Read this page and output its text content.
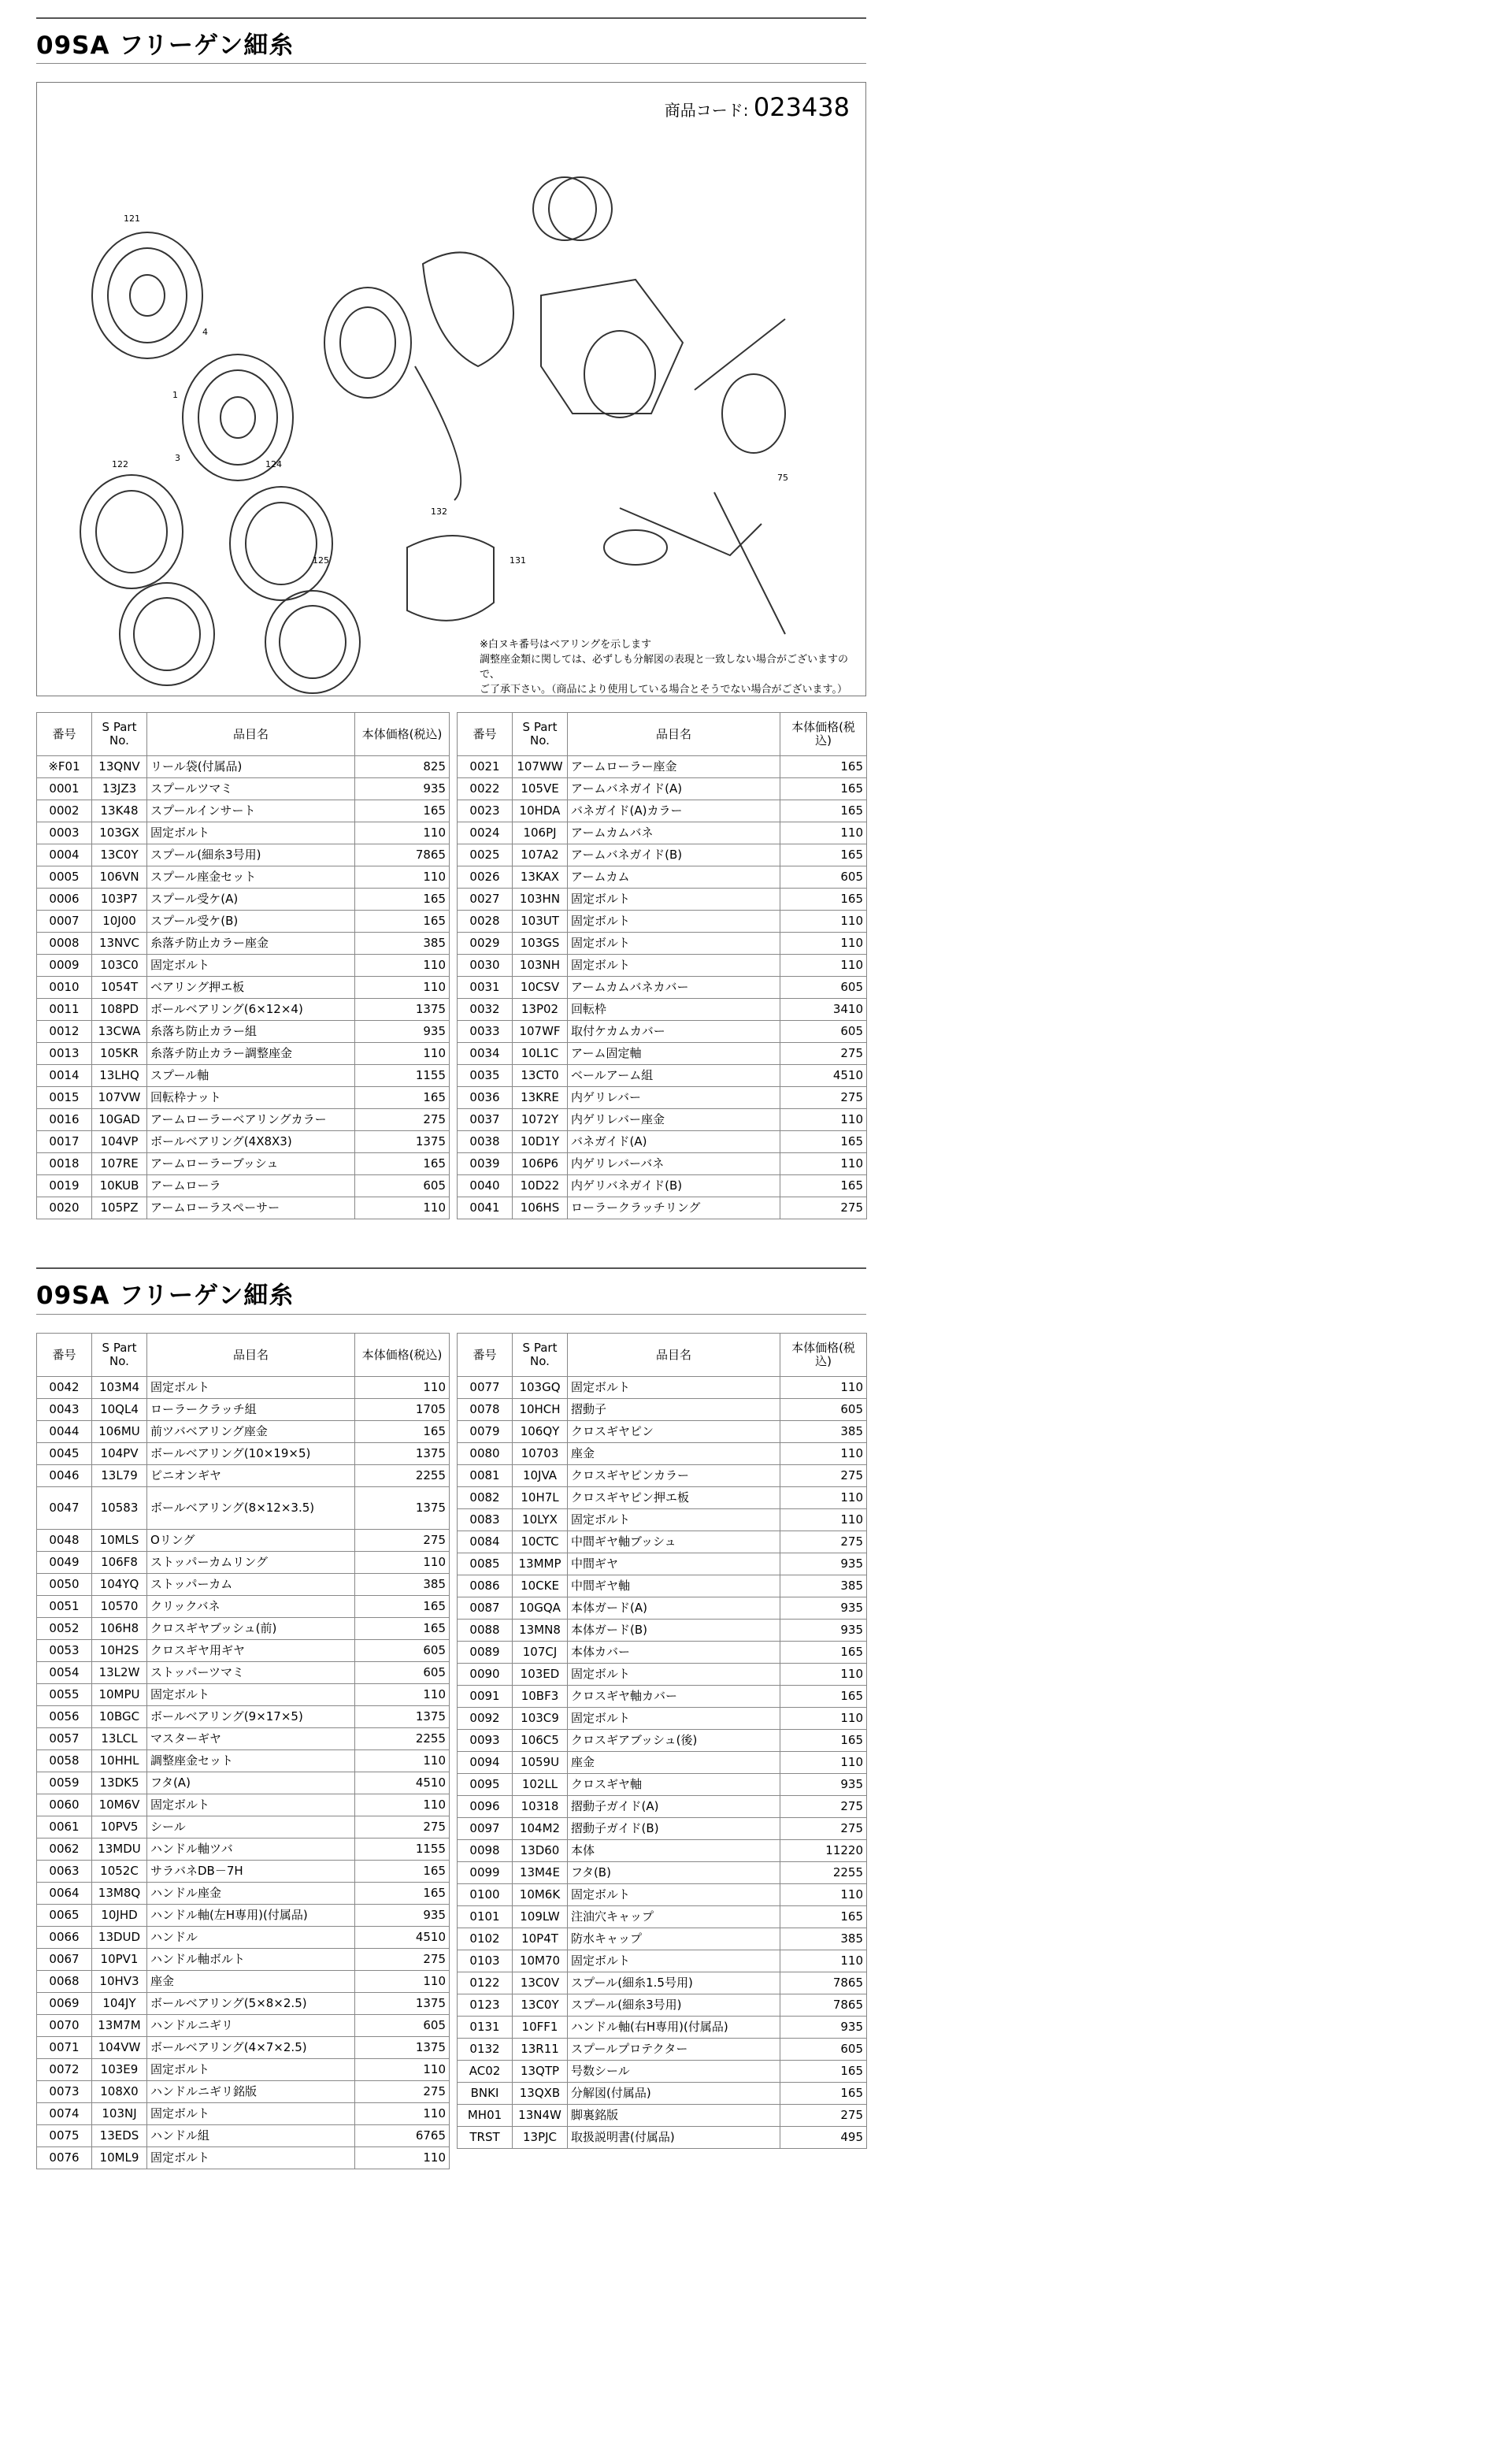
09SA フリーゲン細糸
商品コード: 023438
121
4
122	124
125
132
131
75
3
1
※白ヌキ番号はベアリングを示します
調整座金類に関しては、必ずしも分解図の表現と一致しない場合がございますので、
ご了承下さい。（商品により使用している場合とそうでない場合がございます。）
番号	S Part No.	品目名	本体価格(税込)
※F01	13QNV	リール袋(付属品)	825
0001	13JZ3	スプールツマミ	935
0002	13K48	スプールインサート	165
0003	103GX	固定ボルト	110
0004	13C0Y	スプール(細糸3号用)	7865
0005	106VN	スプール座金セット	110
0006	103P7	スプール受ケ(A)	165
0007	10J00	スプール受ケ(B)	165
0008	13NVC	糸落チ防止カラー座金	385
0009	103C0	固定ボルト	110
0010	1054T	ベアリング押エ板	110
0011	108PD	ボールベアリング(6×12×4)	1375
0012	13CWA	糸落ち防止カラー組	935
0013	105KR	糸落チ防止カラー調整座金	110
0014	13LHQ	スプール軸	1155
0015	107VW	回転枠ナット	165
0016	10GAD	アームローラーベアリングカラー	275
0017	104VP	ボールベアリング(4X8X3)	1375
0018	107RE	アームローラーブッシュ	165
0019	10KUB	アームローラ	605
0020	105PZ	アームローラスペーサー	110
番号	S Part No.	品目名	本体価格(税込)
0021	107WW	アームローラー座金	165
0022	105VE	アームバネガイド(A)	165
0023	10HDA	バネガイド(A)カラー	165
0024	106PJ	アームカムバネ	110
0025	107A2	アームバネガイド(B)	165
0026	13KAX	アームカム	605
0027	103HN	固定ボルト	165
0028	103UT	固定ボルト	110
0029	103GS	固定ボルト	110
0030	103NH	固定ボルト	110
0031	10CSV	アームカムバネカバー	605
0032	13P02	回転枠	3410
0033	107WF	取付ケカムカバー	605
0034	10L1C	アーム固定軸	275
0035	13CT0	ベールアーム組	4510
0036	13KRE	内ゲリレバー	275
0037	1072Y	内ゲリレバー座金	110
0038	10D1Y	バネガイド(A)	165
0039	106P6	内ゲリレバーバネ	110
0040	10D22	内ゲリバネガイド(B)	165
0041	106HS	ローラークラッチリング	275
09SA フリーゲン細糸
番号	S Part No.	品目名	本体価格(税込)
0042	103M4	固定ボルト	110
0043	10QL4	ローラークラッチ組	1705
0044	106MU	前ツバベアリング座金	165
0045	104PV	ボールベアリング(10×19×5)	1375
0046	13L79	ピニオンギヤ	2255
0047	10583	ボールベアリング(8×12×3.5)	1375
0048	10MLS	Oリング	275
0049	106F8	ストッパーカムリング	110
0050	104YQ	ストッパーカム	385
0051	10570	クリックバネ	165
0052	106H8	クロスギヤブッシュ(前)	165
0053	10H2S	クロスギヤ用ギヤ	605
0054	13L2W	ストッパーツマミ	605
0055	10MPU	固定ボルト	110
0056	10BGC	ボールベアリング(9×17×5)	1375
0057	13LCL	マスターギヤ	2255
0058	10HHL	調整座金セット	110
0059	13DK5	フタ(A)	4510
0060	10M6V	固定ボルト	110
0061	10PV5	シール	275
0062	13MDU	ハンドル軸ツバ	1155
0063	1052C	サラバネDB－7H	165
0064	13M8Q	ハンドル座金	165
0065	10JHD	ハンドル軸(左H専用)(付属品)	935
0066	13DUD	ハンドル	4510
0067	10PV1	ハンドル軸ボルト	275
0068	10HV3	座金	110
0069	104JY	ボールベアリング(5×8×2.5)	1375
0070	13M7M	ハンドルニギリ	605
0071	104VW	ボールベアリング(4×7×2.5)	1375
0072	103E9	固定ボルト	110
0073	108X0	ハンドルニギリ銘版	275
0074	103NJ	固定ボルト	110
0075	13EDS	ハンドル組	6765
0076	10ML9	固定ボルト	110
番号	S Part No.	品目名	本体価格(税込)
0077	103GQ	固定ボルト	110
0078	10HCH	摺動子	605
0079	106QY	クロスギヤピン	385
0080	10703	座金	110
0081	10JVA	クロスギヤピンカラー	275
0082	10H7L	クロスギヤピン押エ板	110
0083	10LYX	固定ボルト	110
0084	10CTC	中間ギヤ軸ブッシュ	275
0085	13MMP	中間ギヤ	935
0086	10CKE	中間ギヤ軸	385
0087	10GQA	本体ガード(A)	935
0088	13MN8	本体ガード(B)	935
0089	107CJ	本体カバー	165
0090	103ED	固定ボルト	110
0091	10BF3	クロスギヤ軸カバー	165
0092	103C9	固定ボルト	110
0093	106C5	クロスギアブッシュ(後)	165
0094	1059U	座金	110
0095	102LL	クロスギヤ軸	935
0096	10318	摺動子ガイド(A)	275
0097	104M2	摺動子ガイド(B)	275
0098	13D60	本体	11220
0099	13M4E	フタ(B)	2255
0100	10M6K	固定ボルト	110
0101	109LW	注油穴キャップ	165
0102	10P4T	防水キャップ	385
0103	10M70	固定ボルト	110
0122	13C0V	スプール(細糸1.5号用)	7865
0123	13C0Y	スプール(細糸3号用)	7865
0131	10FF1	ハンドル軸(右H専用)(付属品)	935
0132	13R11	スプールプロテクター	605
AC02	13QTP	号数シール	165
BNKI	13QXB	分解図(付属品)	165
MH01	13N4W	脚裏銘版	275
TRST	13PJC	取扱説明書(付属品)	495
